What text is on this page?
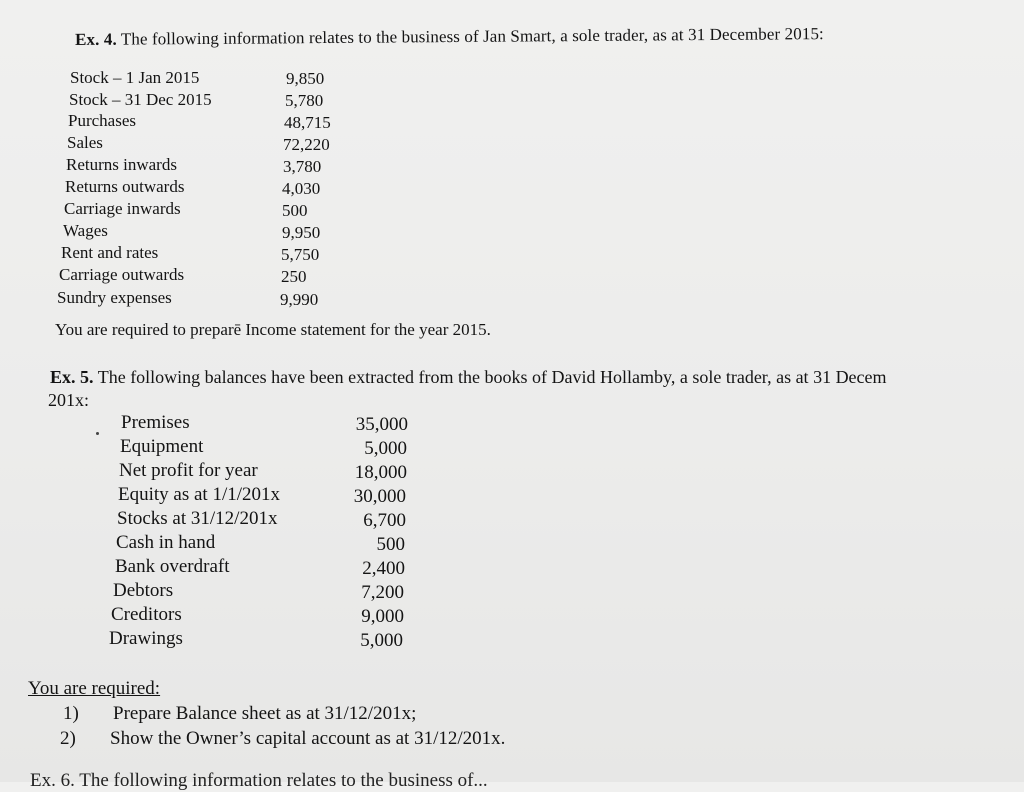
Ex. 4. The following information relates to the business of Jan Smart, a sole trader, as at 31 December 2015:
Stock – 1 Jan 2015	9,850
Stock – 31 Dec 2015	5,780
Purchases	48,715
Sales	72,220
Returns inwards	3,780
Returns outwards	4,030
Carriage inwards	500
Wages	9,950
Rent and rates	5,750
Carriage outwards	250
Sundry expenses	9,990
You are required to preparē Income statement for the year 2015.
Ex. 5. The following balances have been extracted from the books of David Hollamby, a sole trader, as at 31 Decem
201x:
Premises	35,000
Equipment	5,000
Net profit for year	18,000
Equity as at 1/1/201x	30,000
Stocks at 31/12/201x	6,700
Cash in hand	500
Bank overdraft	2,400
Debtors	7,200
Creditors	9,000
Drawings	5,000
You are required:
1) Prepare Balance sheet as at 31/12/201x;
2) Show the Owner’s capital account as at 31/12/201x.
Ex. 6. The following information relates to the business of...
